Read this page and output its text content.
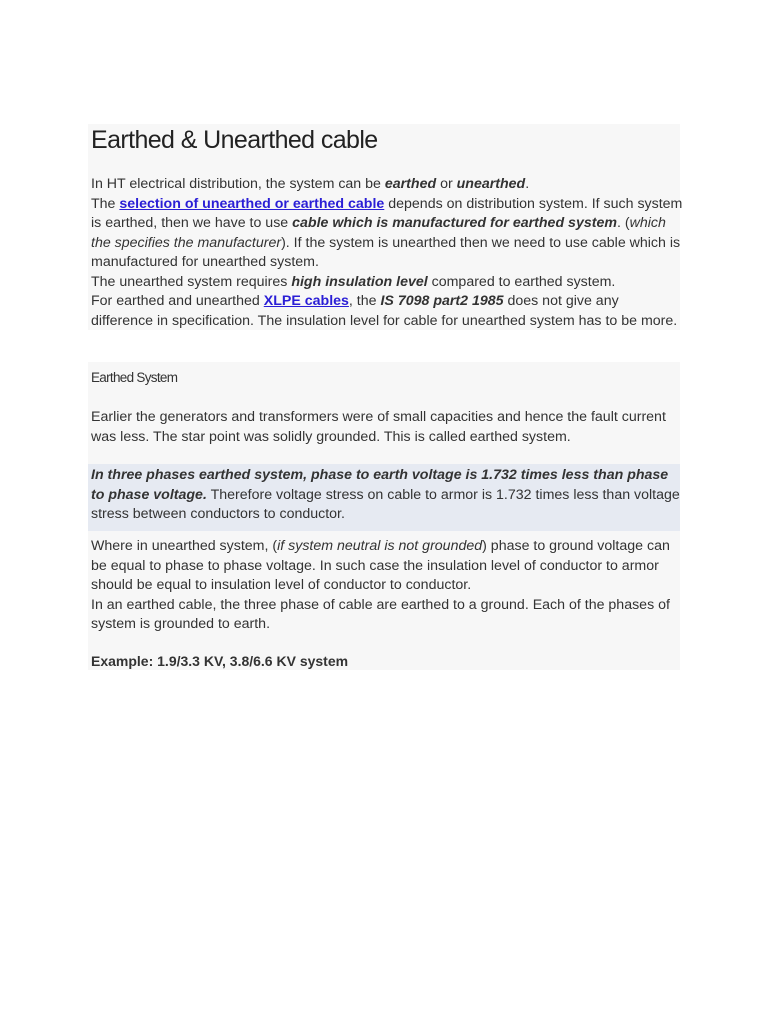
Earthed & Unearthed cable

In HT electrical distribution, the system can be earthed or unearthed.
The selection of unearthed or earthed cable depends on distribution system. If such system
is earthed, then we have to use cable which is manufactured for earthed system. (which
the specifies the manufacturer). If the system is unearthed then we need to use cable which is
manufactured for unearthed system.
The unearthed system requires high insulation level compared to earthed system.
For earthed and unearthed XLPE cables, the IS 7098 part2 1985 does not give any
difference in specification. The insulation level for cable for unearthed system has to be more.

Earthed System

Earlier the generators and transformers were of small capacities and hence the fault current
was less. The star point was solidly grounded. This is called earthed system.

In three phases earthed system, phase to earth voltage is 1.732 times less than phase
to phase voltage. Therefore voltage stress on cable to armor is 1.732 times less than voltage
stress between conductors to conductor.

Where in unearthed system, (if system neutral is not grounded) phase to ground voltage can
be equal to phase to phase voltage. In such case the insulation level of conductor to armor
should be equal to insulation level of conductor to conductor.
In an earthed cable, the three phase of cable are earthed to a ground. Each of the phases of
system is grounded to earth.

Example: 1.9/3.3 KV, 3.8/6.6 KV system
